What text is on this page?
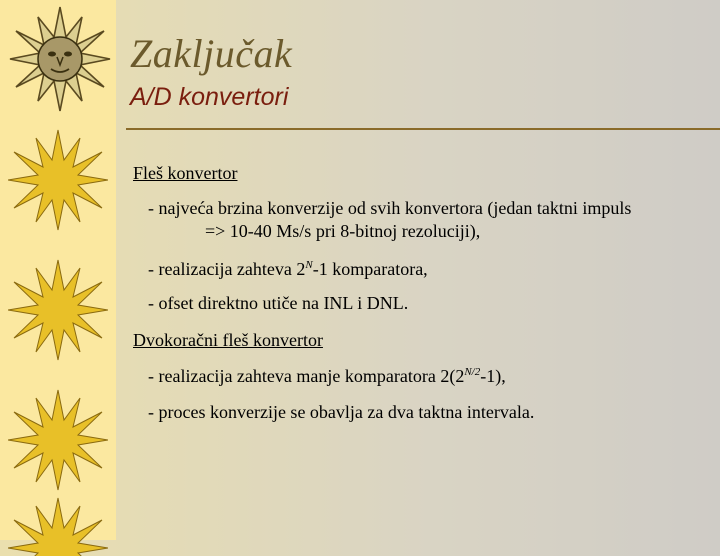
Zaključak
A/D konvertori
Fleš konvertor
- najveća brzina konverzije od svih konvertora (jedan taktni impuls
=> 10-40 Ms/s pri 8-bitnoj rezoluciji),
- realizacija zahteva $2^N-1$ komparatora,
- ofset direktno utiče na INL i DNL.
Dvokoračni fleš konvertor
- realizacija zahteva manje komparatora $2(2^{N/2}-1)$,
- proces konverzije se obavlja za dva taktna intervala.
